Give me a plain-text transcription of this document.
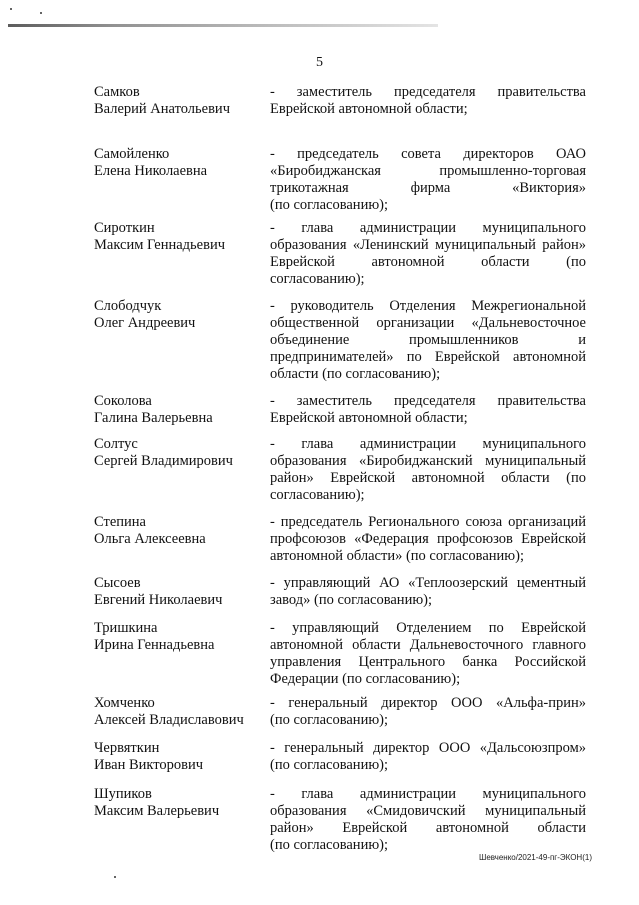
5
Самков
Валерий Анатольевич
- заместитель председателя правительства
Еврейской автономной области;
Самойленко
Елена Николаевна
- председатель совета директоров ОАО
«Биробиджанская промышленно-торговая
трикотажная фирма «Виктория»
(по согласованию);
Сироткин
Максим Геннадьевич
- глава администрации муниципального
образования «Ленинский муниципальный район»
Еврейской автономной области (по
согласованию);
Слободчук
Олег Андреевич
- руководитель Отделения Межрегиональной
общественной организации «Дальневосточное
объединение промышленников и
предпринимателей» по Еврейской автономной
области (по согласованию);
Соколова
Галина Валерьевна
- заместитель председателя правительства
Еврейской автономной области;
Солтус
Сергей Владимирович
- глава администрации муниципального
образования «Биробиджанский муниципальный
район» Еврейской автономной области (по
согласованию);
Степина
Ольга Алексеевна
- председатель Регионального союза организаций
профсоюзов «Федерация профсоюзов Еврейской
автономной области» (по согласованию);
Сысоев
Евгений Николаевич
- управляющий АО «Теплоозерский цементный
завод» (по согласованию);
Тришкина
Ирина Геннадьевна
- управляющий Отделением по Еврейской
автономной области Дальневосточного главного
управления Центрального банка Российской
Федерации (по согласованию);
Хомченко
Алексей Владиславович
- генеральный директор ООО «Альфа-прин»
(по согласованию);
Червяткин
Иван Викторович
- генеральный директор ООО «Дальсоюзпром»
(по согласованию);
Шупиков
Максим Валерьевич
- глава администрации муниципального
образования «Смидовичский муниципальный
район» Еврейской автономной области
(по согласованию);
Шевченко/2021-49-пг-ЭКОН(1)
